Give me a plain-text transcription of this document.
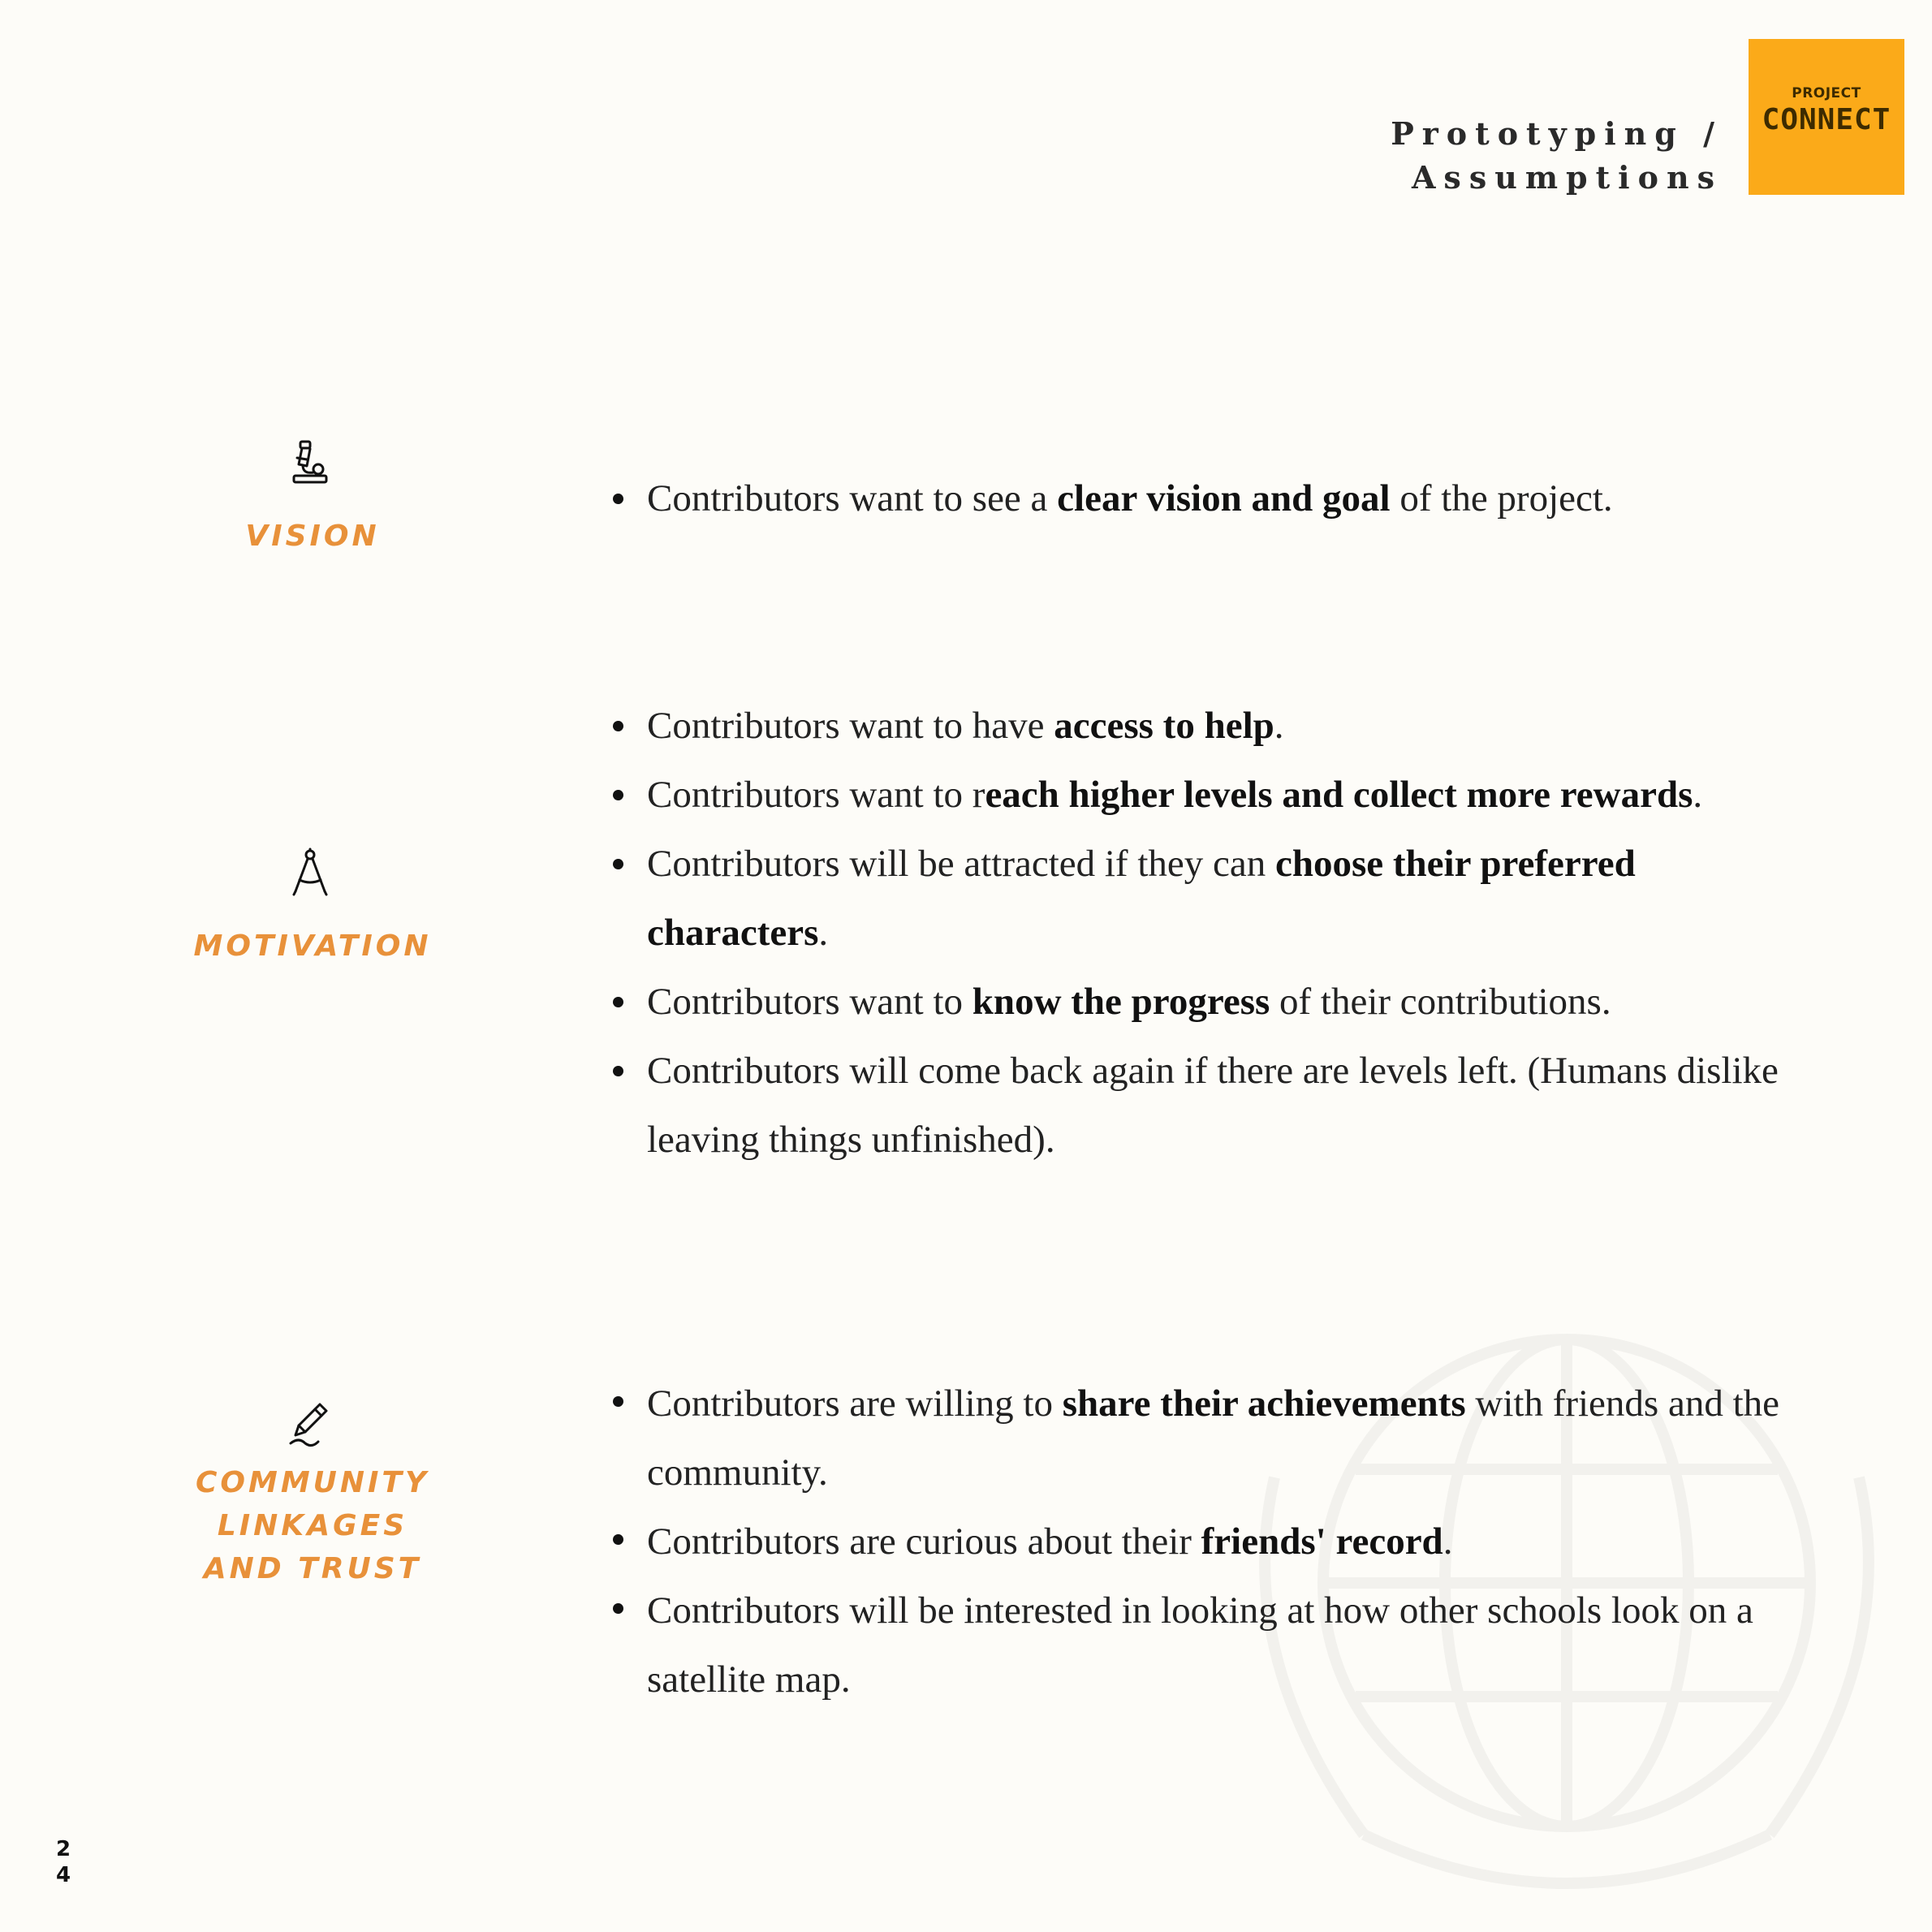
Prototyping /
Assumptions
PROJECT
CONNECT
VISION
Contributors want to see a clear vision and goal of the project.
MOTIVATION
Contributors want to have access to help.
Contributors want to reach higher levels and collect more rewards.
Contributors will be attracted if they can choose their preferred characters.
Contributors want to know the progress of their contributions.
Contributors will come back again if there are levels left. (Humans dislike leaving things unfinished).
COMMUNITY
LINKAGES
AND TRUST
Contributors are willing to share their achievements with friends and the community.
Contributors are curious about their friends' record.
Contributors will be interested in looking at how other schools look on a satellite map.
2
4
